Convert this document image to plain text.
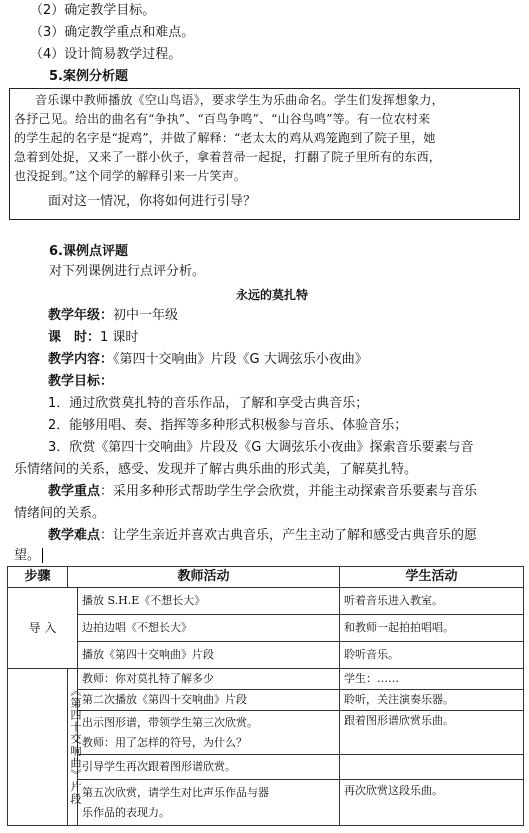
（2）确定教学目标。
（3）确定教学重点和难点。
（4）设计简易教学过程。
5.案例分析题
音乐课中教师播放《空山鸟语》，要求学生为乐曲命名。学生们发挥想象力，
各抒己见。给出的曲名有“争执”、“百鸟争鸣”、“山谷鸟鸣”等。有一位农村来
的学生起的名字是“捉鸡”，并做了解释：“老太太的鸡从鸡笼跑到了院子里，她
急着到处捉，又来了一群小伙子，拿着苕帚一起捉，打翻了院子里所有的东西，
也没捉到。”这个同学的解释引来一片笑声。
面对这一情况，你将如何进行引导？
6.课例点评题
对下列课例进行点评分析。
永远的莫扎特
教学年级：初中一年级
课　时：1 课时
教学内容：《第四十交响曲》片段《G 大调弦乐小夜曲》
教学目标：
1．通过欣赏莫扎特的音乐作品，了解和享受古典音乐；
2．能够用唱、奏、指挥等多种形式积极参与音乐、体验音乐；
3．欣赏《第四十交响曲》片段及《G 大调弦乐小夜曲》探索音乐要素与音
乐情绪间的关系，感受、发现并了解古典乐曲的形式美，了解莫扎特。
教学重点：采用多种形式帮助学生学会欣赏，并能主动探索音乐要素与音乐
情绪间的关系。
教学难点：让学生亲近并喜欢古典音乐，产生主动了解和感受古典音乐的愿
望。
步骤	教师活动		学生活动
导 入		播放 S.H.E《不想长大》	听着音乐进入教室。
		边拍边唱《不想长大》	和教师一起拍拍唱唱。
		播放《第四十交响曲》片段	聆听音乐。
	《第四十交响曲》片段	教师：你对莫扎特了解多少	学生：……
		第二次播放《第四十交响曲》片段	聆听，关注演奏乐器。

		出示图形谱，带领学生第三次欣赏。
教师：用了怎样的符号，为什么？	跟着图形谱欣赏乐曲。
		引导学生再次跟着图形谱欣赏。	

		第五次欣赏，请学生对比声乐作品与器
乐作品的表现力。	再次欣赏这段乐曲。
